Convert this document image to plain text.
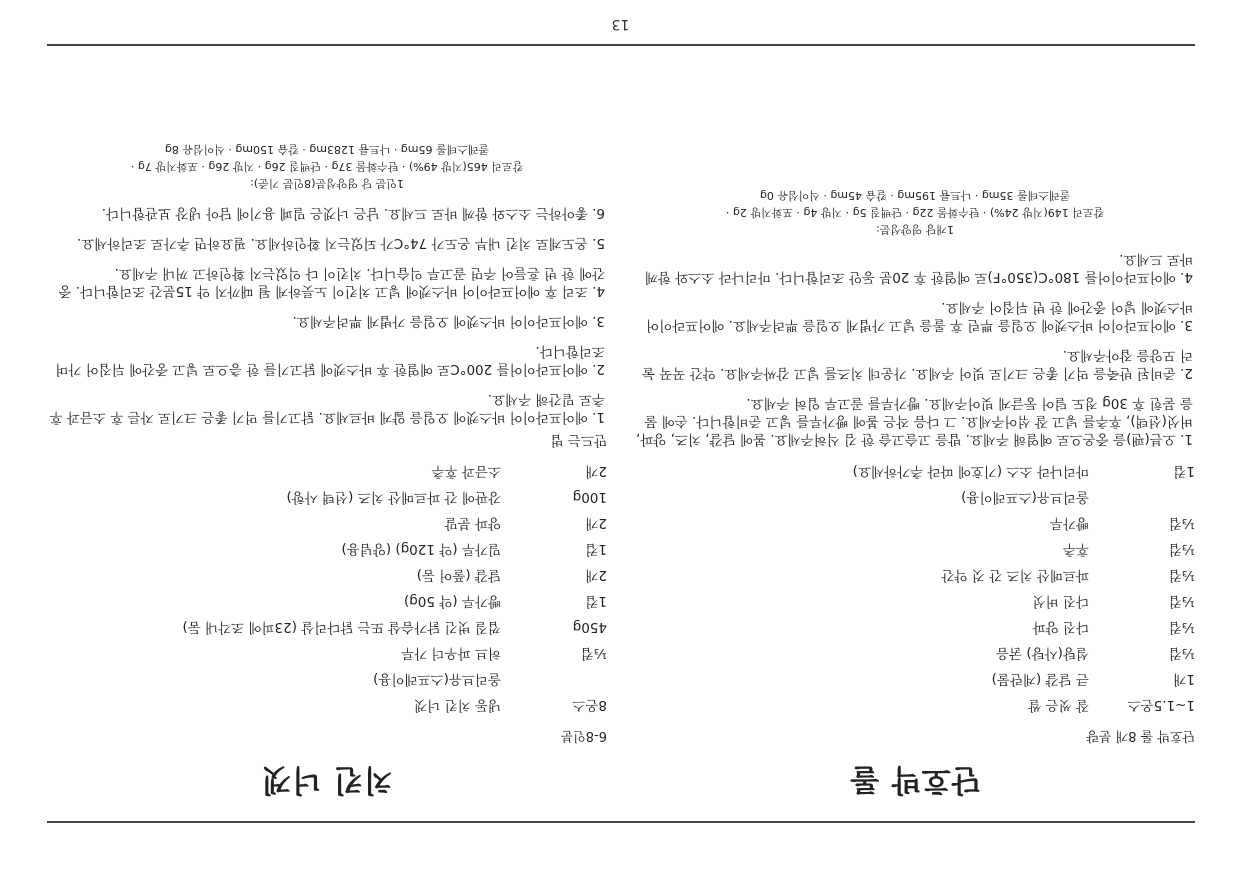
단호박 롤
단호박 롤 8개 분량
1~1.5온스	잘 씻은 쌀
1개	큰 달걀 (계란물)
⅓컵	설탕(사탕) 굵음
⅓컵	다진 양파
⅓컵	다진 버섯
⅓컵	파르메산 치즈 간 것 약간
⅓컵	후추
⅓컵	빵가루
	올리브유(스프레이용)
1컵	마리나라 소스 (기호에 따라 추가하세요)
1. 오븐(팬)을 중온으로 예열해 주세요. 밥을 고슬고슬 한 김 식혀주세요. 볼에 달걀, 치즈, 양파, 버섯(선택), 후추를 넣고 잘 섞어주세요. 그 다음 작은 볼에 빵가루를 넣고 준비합니다. 손에 물을 묻힌 후 30g 정도 덜어 둥글게 빚어주세요. 빵가루를 골고루 입혀 주세요.
2. 준비된 반죽을 먹기 좋은 크기로 빚어 주세요. 가운데 치즈를 넣고 감싸주세요. 약간 꾹꾹 눌러 모양을 잡아주세요.
3. 에어프라이어 바스켓에 오일을 뿌린 후 롤을 넣고 가볍게 오일을 뿌려주세요. 에어프라이어 바스켓에 넣어 중간에 한 번 뒤집어 주세요.
4. 에어프라이어를 180°C(350°F)로 예열한 후 20분 동안 조리합니다. 마리나라 소스와 함께 바로 드세요.
1개당 영양성분:
칼로리 149(지방 24%) · 탄수화물 22g · 단백질 5g · 지방 4g · 포화지방 2g ·
콜레스테롤 35mg · 나트륨 195mg · 칼슘 45mg · 식이섬유 0g
치킨 너겟
6-8인분
8온스	냉동 치킨 너겟
	올리브유(스프레이용)
⅓컵	허브 파우더 가루
450g	껍질 벗긴 닭가슴살 또는 닭다리살 (23피에 조각내 둠)
1컵	빵가루 (약 50g)
2개	달걀 (풀어 둠)
1컵	밀가루 (약 120g) (양념용)
2개	양파 분말
100g	강판에 간 파르메산 치즈 (선택 사항)
2개	소금과 후추
만드는 법
1. 에어프라이어 바스켓에 오일을 얇게 바르세요. 닭고기를 먹기 좋은 크기로 자른 후 소금과 후추로 밑간해 주세요.
2. 에어프라이어를 200°C로 예열한 후 바스켓에 닭고기를 한 층으로 넣고 중간에 뒤집어 가며 조리합니다.
3. 에어프라이어 바스켓에 오일을 가볍게 뿌려주세요.
4. 조리 후 에어프라이어 바스켓에 넣고 치킨이 노릇하게 될 때까지 약 15분간 조리합니다. 중간에 한 번 흔들어 주면 골고루 익습니다. 치킨이 다 익었는지 확인하고 꺼내 주세요.
5. 온도계로 치킨 내부 온도가 74°C가 되었는지 확인하세요. 필요하면 추가로 조리하세요.
6. 좋아하는 소스와 함께 바로 드세요. 남은 너겟은 밀폐 용기에 담아 냉장 보관합니다.
1인분 당 영양성분(8인분 기준):
칼로리 465(지방 49%) · 탄수화물 37g · 단백질 26g · 지방 26g · 포화지방 7g ·
콜레스테롤 65mg · 나트륨 1283mg · 칼슘 150mg · 식이섬유 8g
13
